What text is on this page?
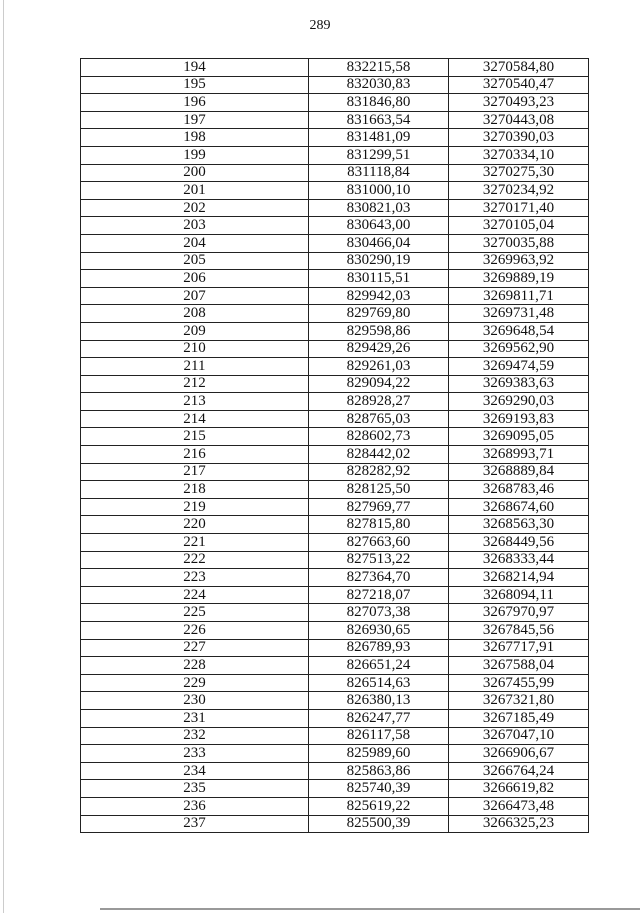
289
194	832215,58	3270584,80
195	832030,83	3270540,47
196	831846,80	3270493,23
197	831663,54	3270443,08
198	831481,09	3270390,03
199	831299,51	3270334,10
200	831118,84	3270275,30
201	831000,10	3270234,92
202	830821,03	3270171,40
203	830643,00	3270105,04
204	830466,04	3270035,88
205	830290,19	3269963,92
206	830115,51	3269889,19
207	829942,03	3269811,71
208	829769,80	3269731,48
209	829598,86	3269648,54
210	829429,26	3269562,90
211	829261,03	3269474,59
212	829094,22	3269383,63
213	828928,27	3269290,03
214	828765,03	3269193,83
215	828602,73	3269095,05
216	828442,02	3268993,71
217	828282,92	3268889,84
218	828125,50	3268783,46
219	827969,77	3268674,60
220	827815,80	3268563,30
221	827663,60	3268449,56
222	827513,22	3268333,44
223	827364,70	3268214,94
224	827218,07	3268094,11
225	827073,38	3267970,97
226	826930,65	3267845,56
227	826789,93	3267717,91
228	826651,24	3267588,04
229	826514,63	3267455,99
230	826380,13	3267321,80
231	826247,77	3267185,49
232	826117,58	3267047,10
233	825989,60	3266906,67
234	825863,86	3266764,24
235	825740,39	3266619,82
236	825619,22	3266473,48
237	825500,39	3266325,23
